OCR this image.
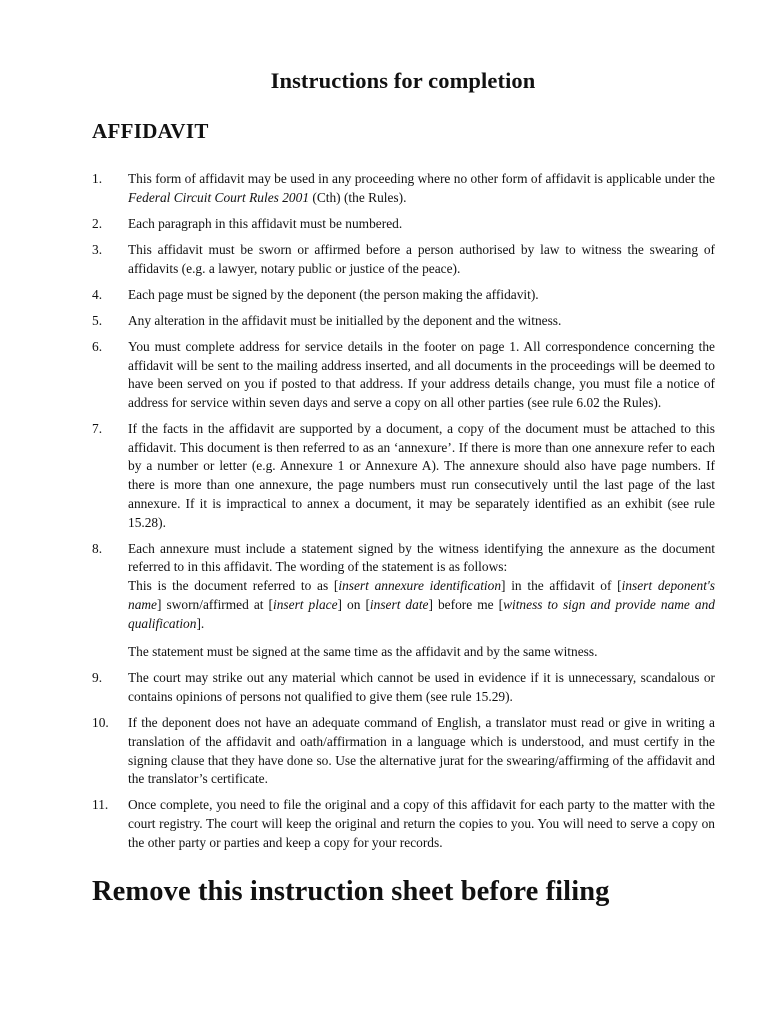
Instructions for completion
AFFIDAVIT
1. This form of affidavit may be used in any proceeding where no other form of affidavit is applicable under the Federal Circuit Court Rules 2001 (Cth) (the Rules).

2. Each paragraph in this affidavit must be numbered.

3. This affidavit must be sworn or affirmed before a person authorised by law to witness the swearing of affidavits (e.g. a lawyer, notary public or justice of the peace).

4. Each page must be signed by the deponent (the person making the affidavit).

5. Any alteration in the affidavit must be initialled by the deponent and the witness.

6. You must complete address for service details in the footer on page 1. All correspondence concerning the affidavit will be sent to the mailing address inserted, and all documents in the proceedings will be deemed to have been served on you if posted to that address. If your address details change, you must file a notice of address for service within seven days and serve a copy on all other parties (see rule 6.02 the Rules).

7. If the facts in the affidavit are supported by a document, a copy of the document must be attached to this affidavit. This document is then referred to as an ‘annexure’. If there is more than one annexure refer to each by a number or letter (e.g. Annexure 1 or Annexure A). The annexure should also have page numbers. If there is more than one annexure, the page numbers must run consecutively until the last page of the last annexure. If it is impractical to annex a document, it may be separately identified as an exhibit (see rule 15.28).

8. Each annexure must include a statement signed by the witness identifying the annexure as the document referred to in this affidavit. The wording of the statement is as follows:

This is the document referred to as [insert annexure identification] in the affidavit of [insert deponent's name] sworn/affirmed at [insert place] on [insert date] before me [witness to sign and provide name and qualification].

The statement must be signed at the same time as the affidavit and by the same witness.

9. The court may strike out any material which cannot be used in evidence if it is unnecessary, scandalous or contains opinions of persons not qualified to give them (see rule 15.29).

10. If the deponent does not have an adequate command of English, a translator must read or give in writing a translation of the affidavit and oath/affirmation in a language which is understood, and must certify in the signing clause that they have done so. Use the alternative jurat for the swearing/affirming of the affidavit and the translator’s certificate.

11. Once complete, you need to file the original and a copy of this affidavit for each party to the matter with the court registry. The court will keep the original and return the copies to you. You will need to serve a copy on the other party or parties and keep a copy for your records.

Remove this instruction sheet before filing
